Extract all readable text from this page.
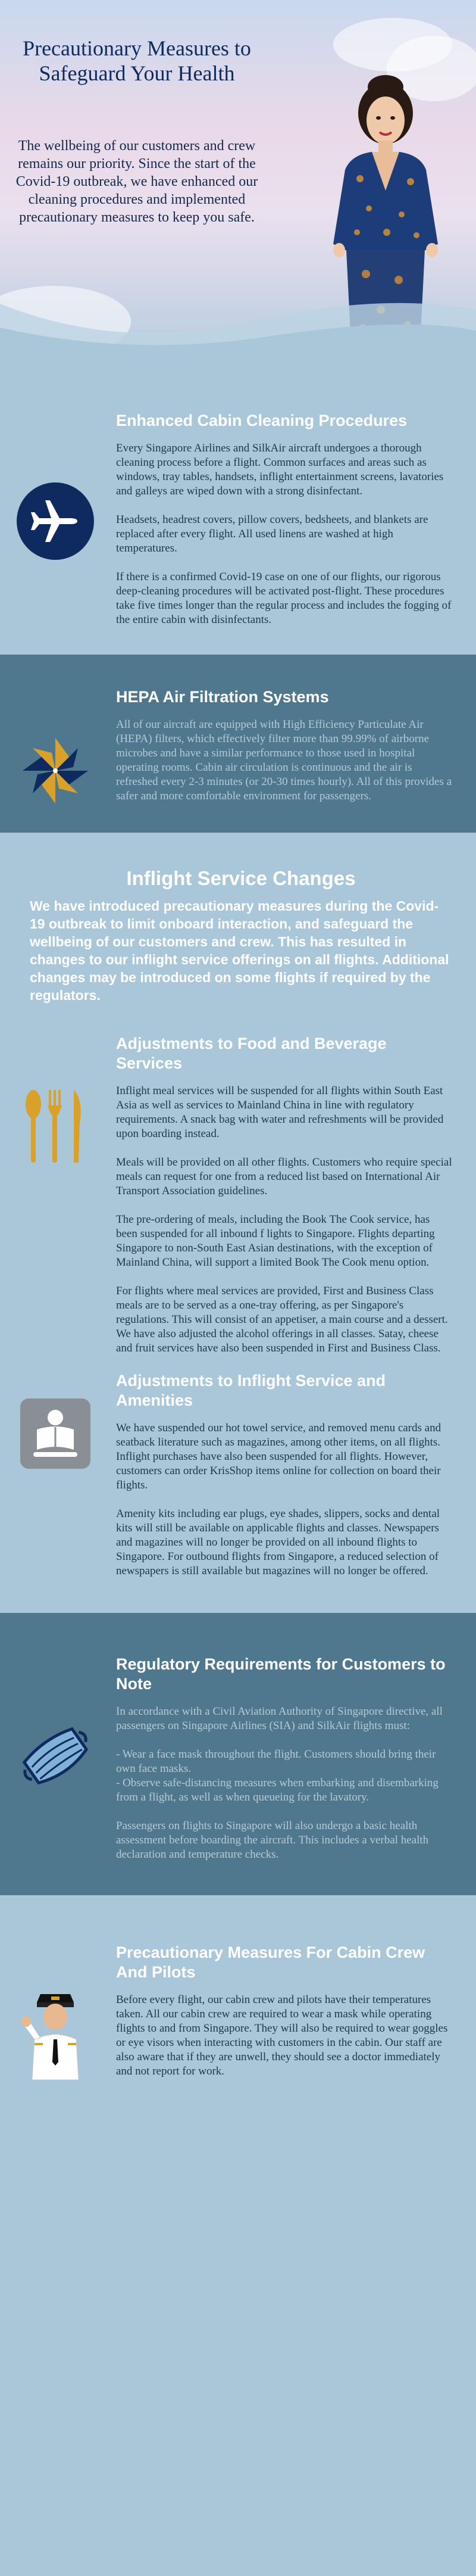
Precautionary Measures to Safeguard Your Health

The wellbeing of our customers and crew remains our priority. Since the start of the Covid-19 outbreak, we have enhanced our cleaning procedures and implemented precautionary measures to keep you safe.

Enhanced Cabin Cleaning Procedures

Every Singapore Airlines and SilkAir aircraft undergoes a thorough cleaning process before a flight. Common surfaces and areas such as windows, tray tables, handsets, inflight entertainment screens, lavatories and galleys are wiped down with a strong disinfectant.

Headsets, headrest covers, pillow covers, bedsheets, and blankets are replaced after every flight. All used linens are washed at high temperatures.

If there is a confirmed Covid-19 case on one of our flights, our rigorous deep-cleaning procedures will be activated post-flight. These procedures take five times longer than the regular process and includes the fogging of the entire cabin with disinfectants.

HEPA Air Filtration Systems

All of our aircraft are equipped with High Efficiency Particulate Air (HEPA) filters, which effectively filter more than 99.99% of airborne microbes and have a similar performance to those used in hospital operating rooms. Cabin air circulation is continuous and the air is refreshed every 2-3 minutes (or 20-30 times hourly). All of this provides a safer and more comfortable environment for passengers.

Inflight Service Changes

We have introduced precautionary measures during the Covid-19 outbreak to limit onboard interaction, and safeguard the wellbeing of our customers and crew. This has resulted in changes to our inflight service offerings on all flights. Additional changes may be introduced on some flights if required by the regulators.

Adjustments to Food and Beverage Services

Inflight meal services will be suspended for all flights within South East Asia as well as services to Mainland China in line with regulatory requirements. A snack bag with water and refreshments will be provided upon boarding instead.

Meals will be provided on all other flights. Customers who require special meals can request for one from a reduced list based on International Air Transport Association guidelines.

The pre-ordering of meals, including the Book The Cook service, has been suspended for all inbound f lights to Singapore. Flights departing Singapore to non-South East Asian destinations, with the exception of Mainland China, will support a limited Book The Cook menu option.

For flights where meal services are provided, First and Business Class meals are to be served as a one-tray offering, as per Singapore's regulations. This will consist of an appetiser, a main course and a dessert. We have also adjusted the alcohol offerings in all classes. Satay, cheese and fruit services have also been suspended in First and Business Class.

Adjustments to Inflight Service and Amenities

We have suspended our hot towel service, and removed menu cards and seatback literature such as magazines, among other items, on all flights. Inflight purchases have also been suspended for all flights. However, customers can order KrisShop items online for collection on board their flights.

Amenity kits including ear plugs, eye shades, slippers, socks and dental kits will still be available on applicable flights and classes. Newspapers and magazines will no longer be provided on all inbound flights to Singapore. For outbound flights from Singapore, a reduced selection of newspapers is still available but magazines will no longer be offered.

Regulatory Requirements for Customers to Note

In accordance with a Civil Aviation Authority of Singapore directive, all passengers on Singapore Airlines (SIA) and SilkAir flights must:

- Wear a face mask throughout the flight. Customers should bring their own face masks.
- Observe safe-distancing measures when embarking and disembarking from a flight, as well as when queueing for the lavatory.

Passengers on flights to Singapore will also undergo a basic health assessment before boarding the aircraft. This includes a verbal health declaration and temperature checks.

Precautionary Measures For Cabin Crew And Pilots

Before every flight, our cabin crew and pilots have their temperatures taken. All our cabin crew are required to wear a mask while operating flights to and from Singapore. They will also be required to wear goggles or eye visors when interacting with customers in the cabin. Our staff are also aware that if they are unwell, they should see a doctor immediately and not report for work.
